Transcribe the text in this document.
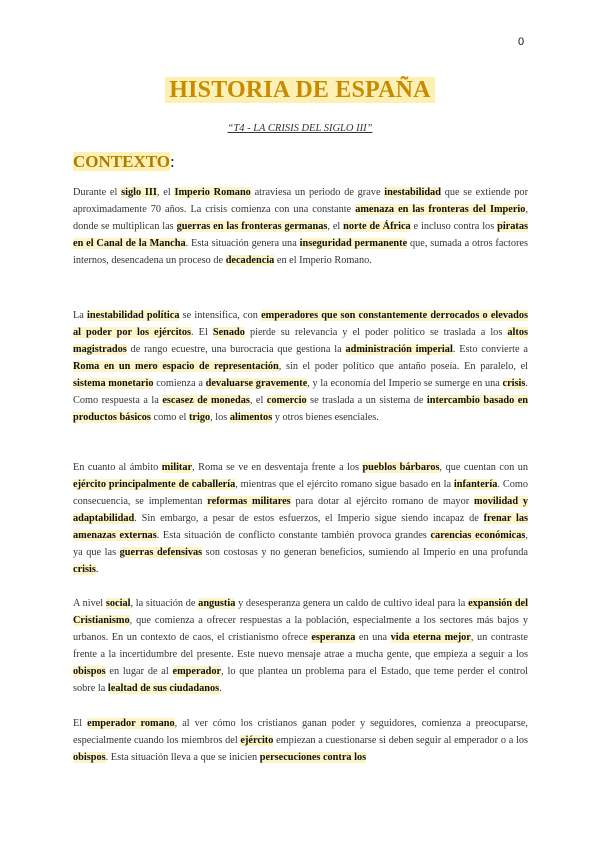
0
HISTORIA DE ESPAÑA
“T4 - LA CRISIS DEL SIGLO III”
CONTEXTO:
Durante el siglo III, el Imperio Romano atraviesa un periodo de grave inestabilidad que se extiende por aproximadamente 70 años. La crisis comienza con una constante amenaza en las fronteras del Imperio, donde se multiplican las guerras en las fronteras germanas, el norte de África e incluso contra los piratas en el Canal de la Mancha. Esta situación genera una inseguridad permanente que, sumada a otros factores internos, desencadena un proceso de decadencia en el Imperio Romano.
La inestabilidad política se intensifica, con emperadores que son constantemente derrocados o elevados al poder por los ejércitos. El Senado pierde su relevancia y el poder político se traslada a los altos magistrados de rango ecuestre, una burocracia que gestiona la administración imperial. Esto convierte a Roma en un mero espacio de representación, sin el poder político que antaño poseía. En paralelo, el sistema monetario comienza a devaluarse gravemente, y la economía del Imperio se sumerge en una crisis. Como respuesta a la escasez de monedas, el comercio se traslada a un sistema de intercambio basado en productos básicos como el trigo, los alimentos y otros bienes esenciales.
En cuanto al ámbito militar, Roma se ve en desventaja frente a los pueblos bárbaros, que cuentan con un ejército principalmente de caballería, mientras que el ejército romano sigue basado en la infantería. Como consecuencia, se implementan reformas militares para dotar al ejército romano de mayor movilidad y adaptabilidad. Sin embargo, a pesar de estos esfuerzos, el Imperio sigue siendo incapaz de frenar las amenazas externas. Esta situación de conflicto constante también provoca grandes carencias económicas, ya que las guerras defensivas son costosas y no generan beneficios, sumiendo al Imperio en una profunda crisis.
A nivel social, la situación de angustia y desesperanza genera un caldo de cultivo ideal para la expansión del Cristianismo, que comienza a ofrecer respuestas a la población, especialmente a los sectores más bajos y urbanos. En un contexto de caos, el cristianismo ofrece esperanza en una vida eterna mejor, un contraste frente a la incertidumbre del presente. Este nuevo mensaje atrae a mucha gente, que empieza a seguir a los obispos en lugar de al emperador, lo que plantea un problema para el Estado, que teme perder el control sobre la lealtad de sus ciudadanos.
El emperador romano, al ver cómo los cristianos ganan poder y seguidores, comienza a preocuparse, especialmente cuando los miembros del ejército empiezan a cuestionarse si deben seguir al emperador o a los obispos. Esta situación lleva a que se inicien persecuciones contra los
